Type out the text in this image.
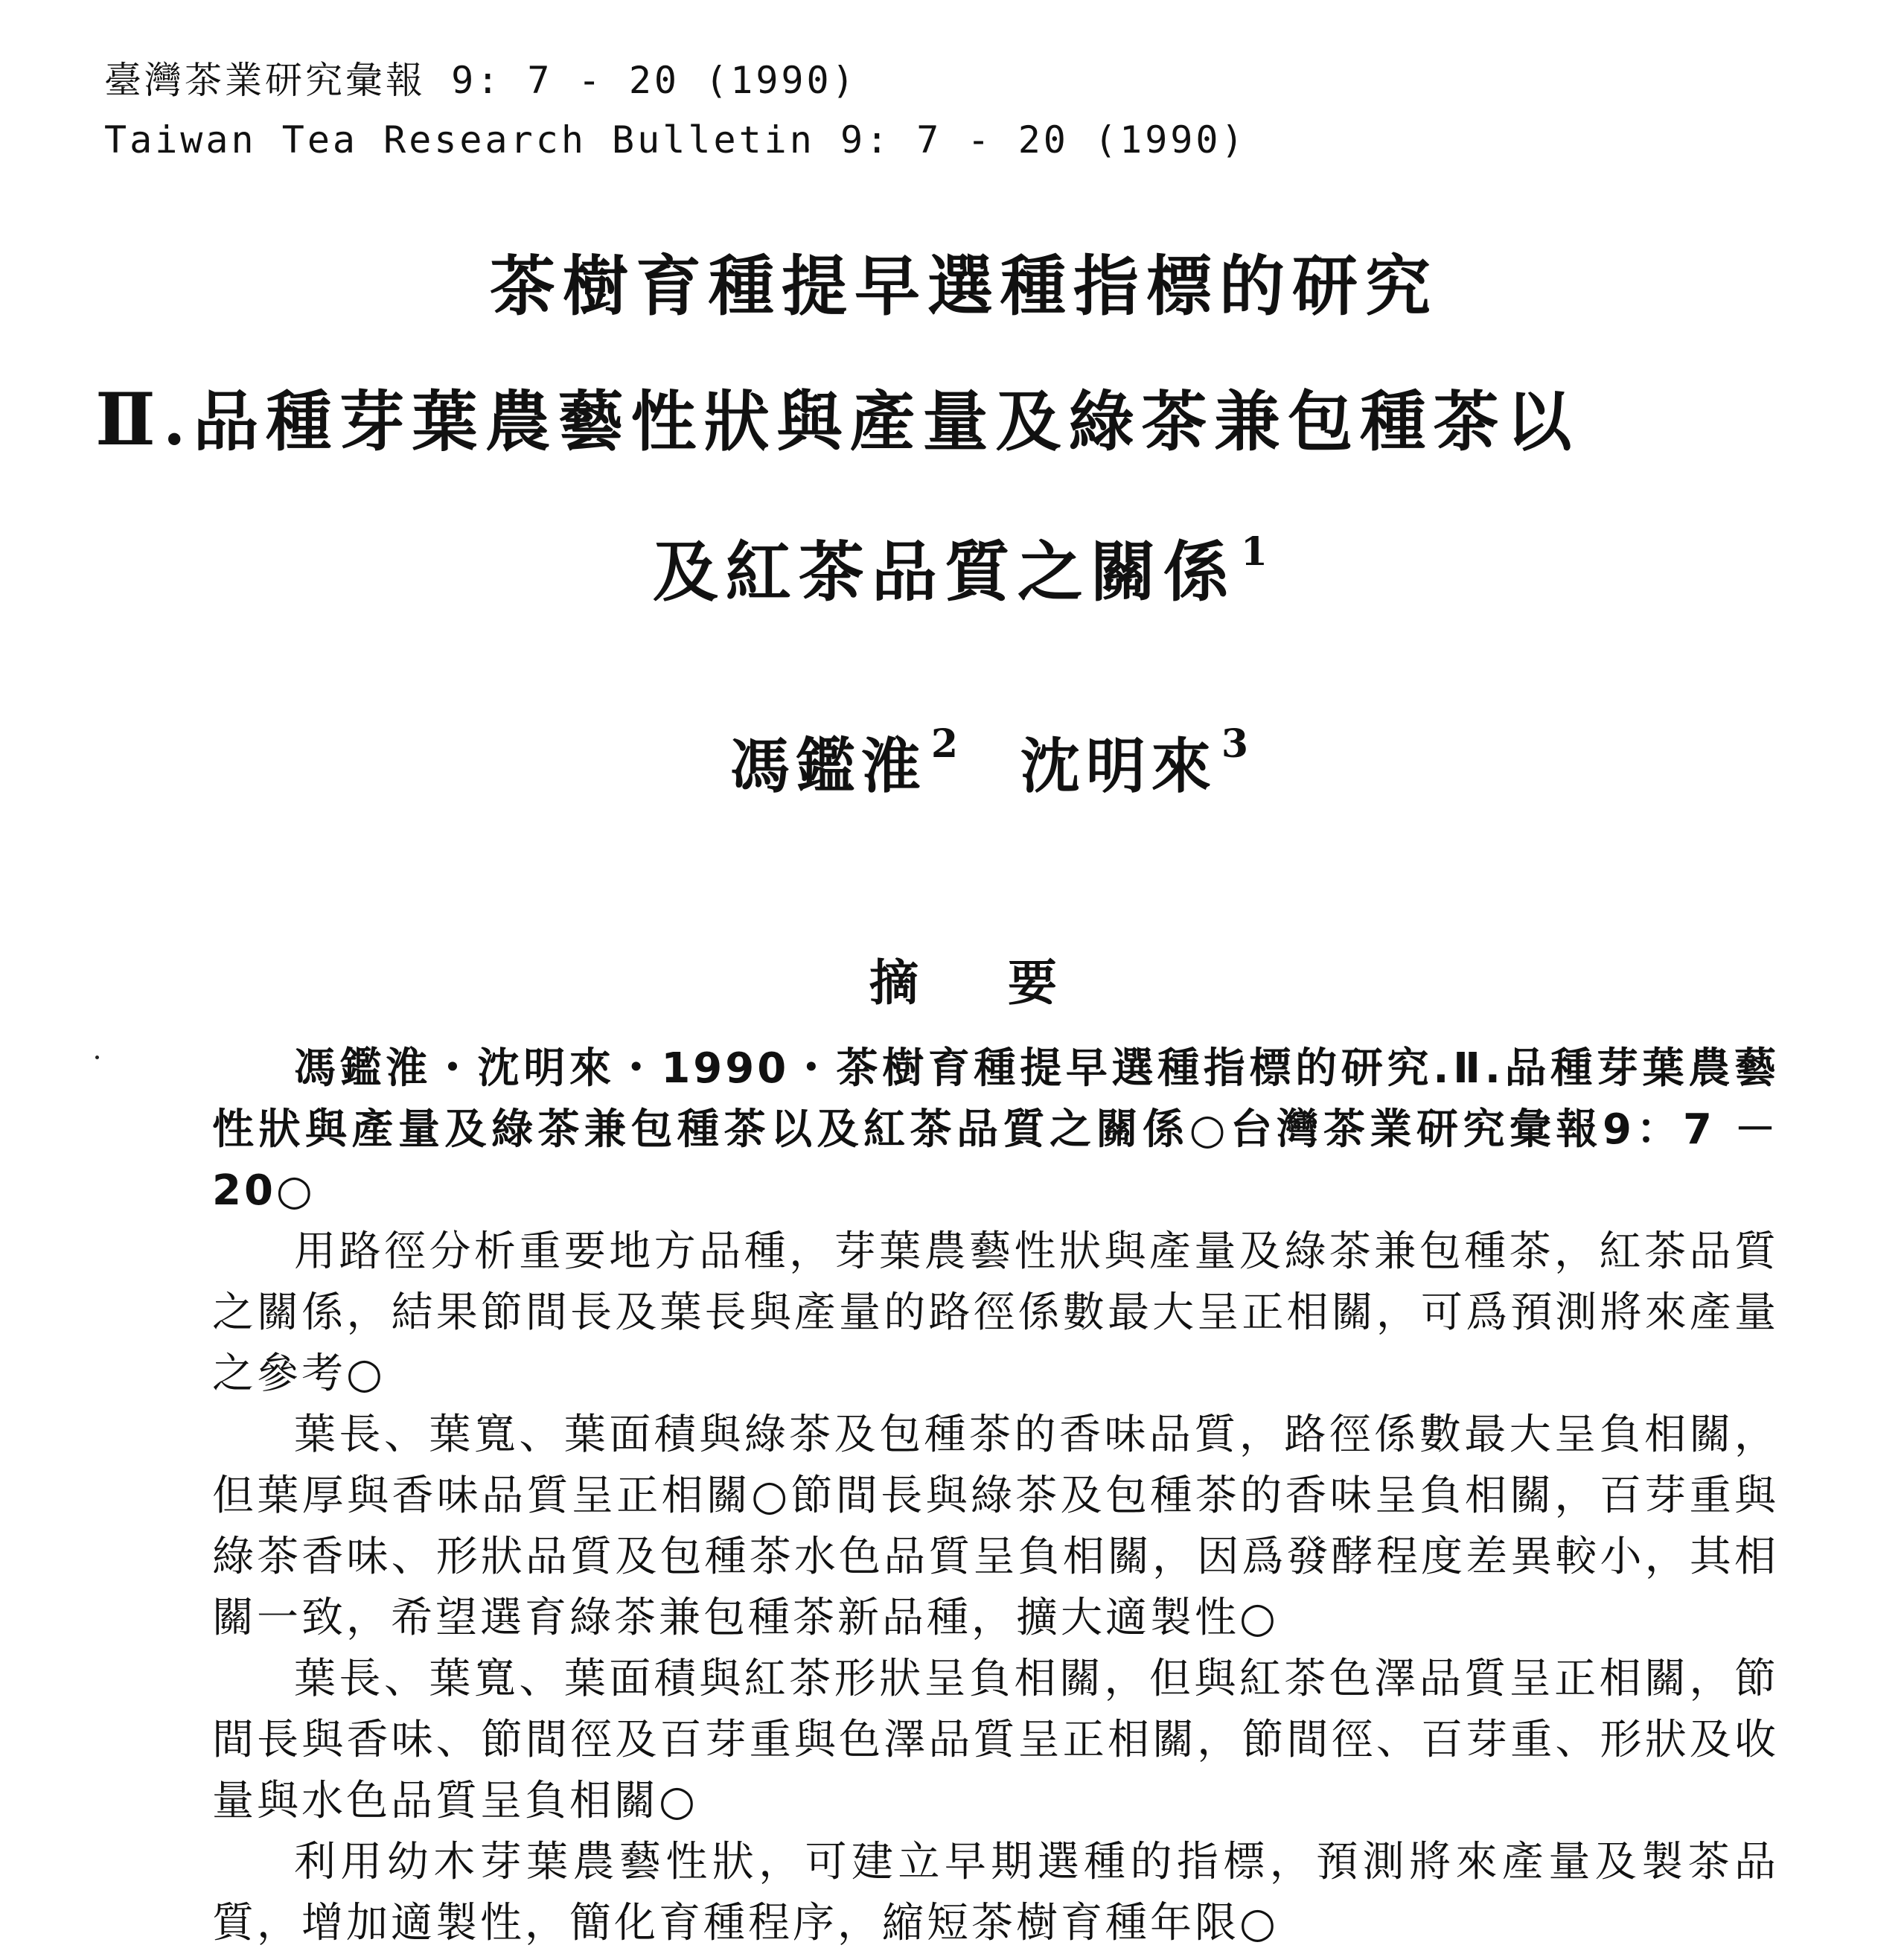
臺灣茶業研究彙報 9: 7 - 20 (1990)
Taiwan Tea Research Bulletin 9: 7 - 20 (1990)
茶樹育種提早選種指標的研究
Ⅱ.品種芽葉農藝性狀與產量及綠茶兼包種茶以
及紅茶品質之關係 $^1$
馮鑑淮 $^2$ 沈明來 $^3$
摘要

馮鑑淮・沈明來・1990・茶樹育種提早選種指標的研究.Ⅱ.品種芽葉農藝性狀與產量及綠茶兼包種茶以及紅茶品質之關係○台灣茶業研究彙報9：7 － 20○

用路徑分析重要地方品種，芽葉農藝性狀與產量及綠茶兼包種茶，紅茶品質之關係，結果節間長及葉長與產量的路徑係數最大呈正相關，可爲預測將來產量之參考○

葉長、葉寬、葉面積與綠茶及包種茶的香味品質，路徑係數最大呈負相關，但葉厚與香味品質呈正相關○節間長與綠茶及包種茶的香味呈負相關，百芽重與綠茶香味、形狀品質及包種茶水色品質呈負相關，因爲發酵程度差異較小，其相關一致，希望選育綠茶兼包種茶新品種，擴大適製性○

葉長、葉寬、葉面積與紅茶形狀呈負相關，但與紅茶色澤品質呈正相關，節間長與香味、節間徑及百芽重與色澤品質呈正相關，節間徑、百芽重、形狀及收量與水色品質呈負相關○

利用幼木芽葉農藝性狀，可建立早期選種的指標，預測將來產量及製茶品質，增加適製性，簡化育種程序，縮短茶樹育種年限○
